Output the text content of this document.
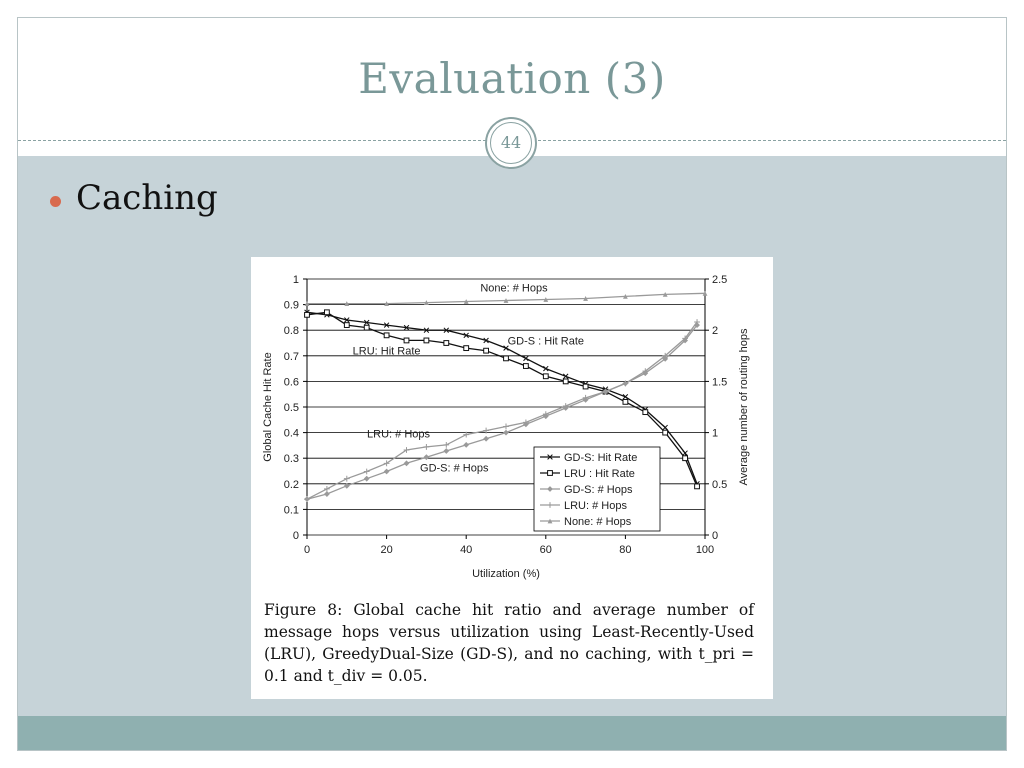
Evaluation (3)
44
Caching
0
0.1
0.2
0.3
0.4
0.5
0.6
0.7
0.8
0.9
1
0
0.5
1
1.5
2
2.5
0	20	40	60	80	100
Utilization (%)
Global Cache Hit Rate	Average number of routing hops
None: # Hops
GD-S : Hit Rate
LRU: Hit Rate
LRU: # Hops
GD-S: # Hops
GD-S: Hit Rate
LRU : Hit Rate
GD-S: # Hops
LRU: # Hops
None: # Hops
Figure 8: Global cache hit ratio and average number of message hops versus utilization using Least-Recently-Used (LRU), GreedyDual-Size (GD-S), and no caching, with t_pri = 0.1 and t_div = 0.05.
